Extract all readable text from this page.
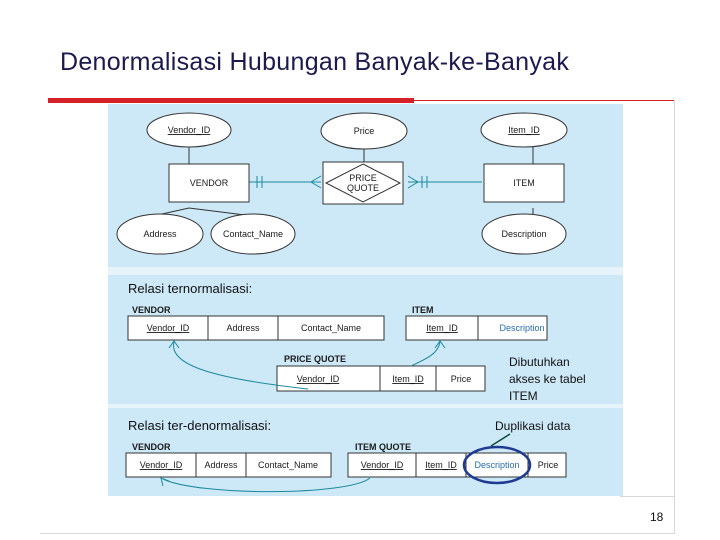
Denormalisasi Hubungan Banyak-ke-Banyak
Vendor_ID	Price	Item_ID
VENDOR	PRICE
QUOTE	ITEM
Address	Contact_Name	Description
VENDOR
Vendor_ID	Address	Contact_Name
ITEM
Item_ID	Description
PRICE QUOTE
Vendor_ID	Item_ID	Price
VENDOR
Vendor_ID Address Contact_Name
ITEM QUOTE
Vendor_ID Item_ID Description Price
Relasi ternormalisasi:
Relasi ter-denormalisasi:
Dibutuhkan
akses ke tabel
ITEM
Duplikasi data
18
